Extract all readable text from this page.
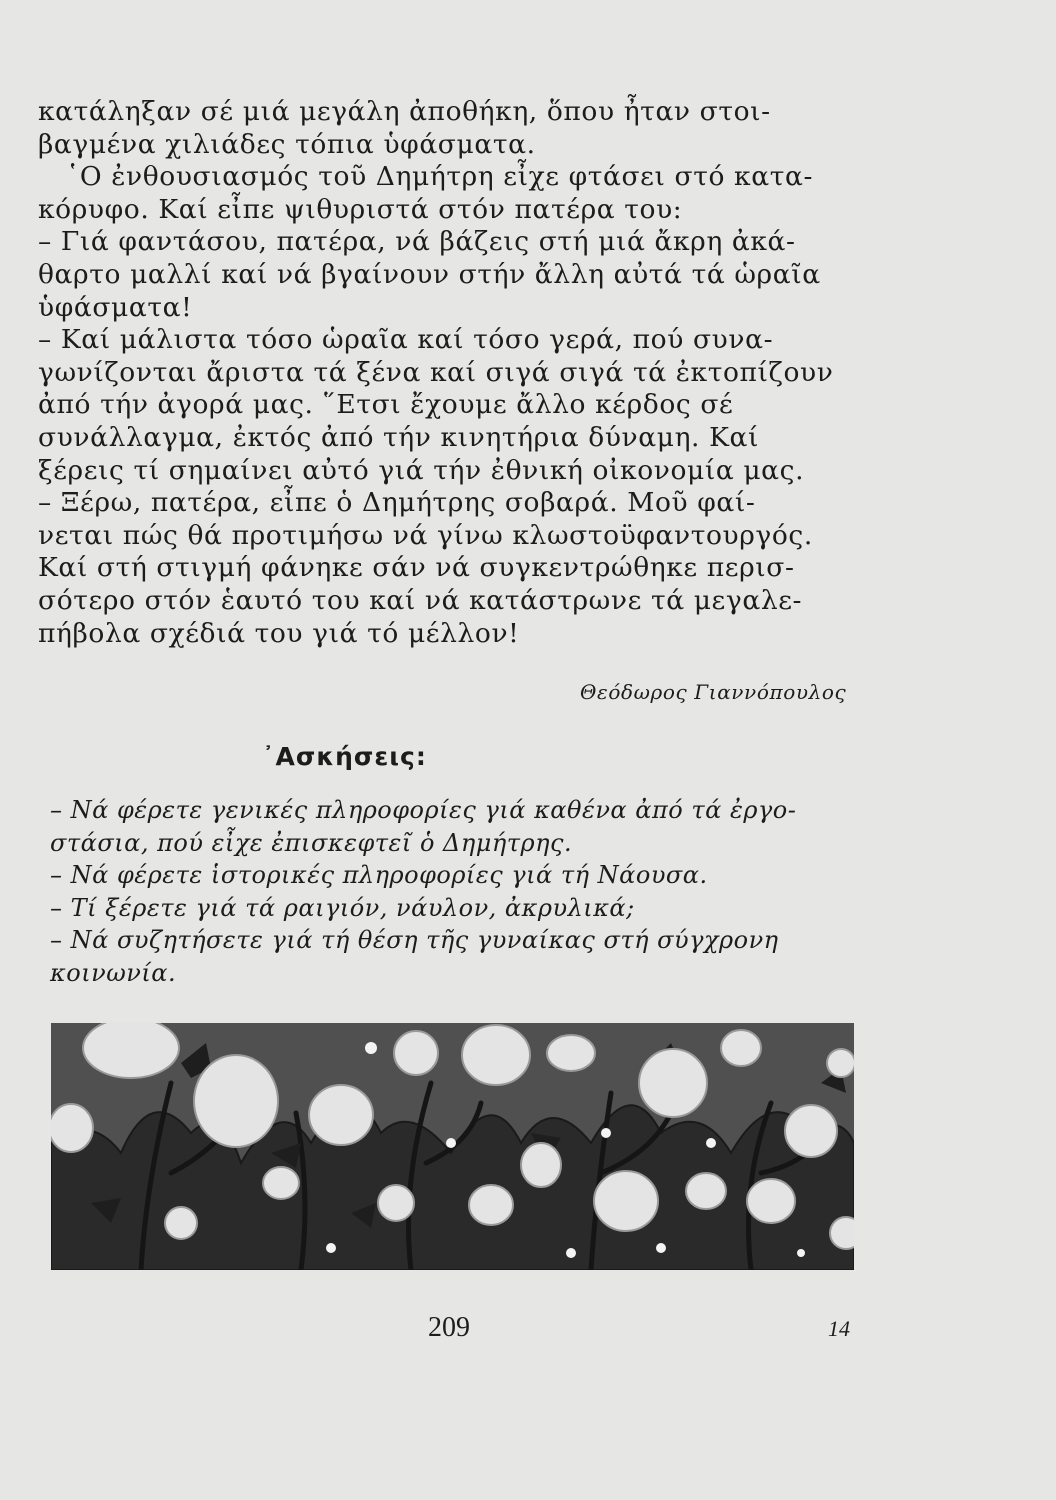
κατάληξαν σέ μιά μεγάλη ἀποθήκη, ὅπου ἦταν στοι-
βαγμένα χιλιάδες τόπια ὑφάσματα.
῾Ο ἐνθουσιασμός τοῦ Δημήτρη εἶχε φτάσει στό κατα-
κόρυφο. Καί εἶπε ψιθυριστά στόν πατέρα του:
– Γιά φαντάσου, πατέρα, νά βάζεις στή μιά ἄκρη ἀκά-
θαρτο μαλλί καί νά βγαίνουν στήν ἄλλη αὐτά τά ὡραῖα
ὑφάσματα!
– Καί μάλιστα τόσο ὡραῖα καί τόσο γερά, πού συνα-
γωνίζονται ἄριστα τά ξένα καί σιγά σιγά τά ἐκτοπίζουν
ἀπό τήν ἀγορά μας. ῞Ετσι ἔχουμε ἄλλο κέρδος σέ
συνάλλαγμα, ἐκτός ἀπό τήν κινητήρια δύναμη. Καί
ξέρεις τί σημαίνει αὐτό γιά τήν ἐθνική οἰκονομία μας.
– Ξέρω, πατέρα, εἶπε ὁ Δημήτρης σοβαρά. Μοῦ φαί-
νεται πώς θά προτιμήσω νά γίνω κλωστοϋφαντουργός.
Καί στή στιγμή φάνηκε σάν νά συγκεντρώθηκε περισ-
σότερο στόν ἑαυτό του καί νά κατάστρωνε τά μεγαλε-
πήβολα σχέδιά του γιά τό μέλλον!
Θεόδωρος Γιαννόπουλος
᾿Ασκήσεις:
– Νά φέρετε γενικές πληροφορίες γιά καθένα ἀπό τά ἐργο-
στάσια, πού εἶχε ἐπισκεφτεῖ ὁ Δημήτρης.
– Νά φέρετε ἱστορικές πληροφορίες γιά τή Νάουσα.
– Τί ξέρετε γιά τά ραιγιόν, νάυλον, ἀκρυλικά;
– Νά συζητήσετε γιά τή θέση τῆς γυναίκας στή σύγχρονη
κοινωνία.
209	14
